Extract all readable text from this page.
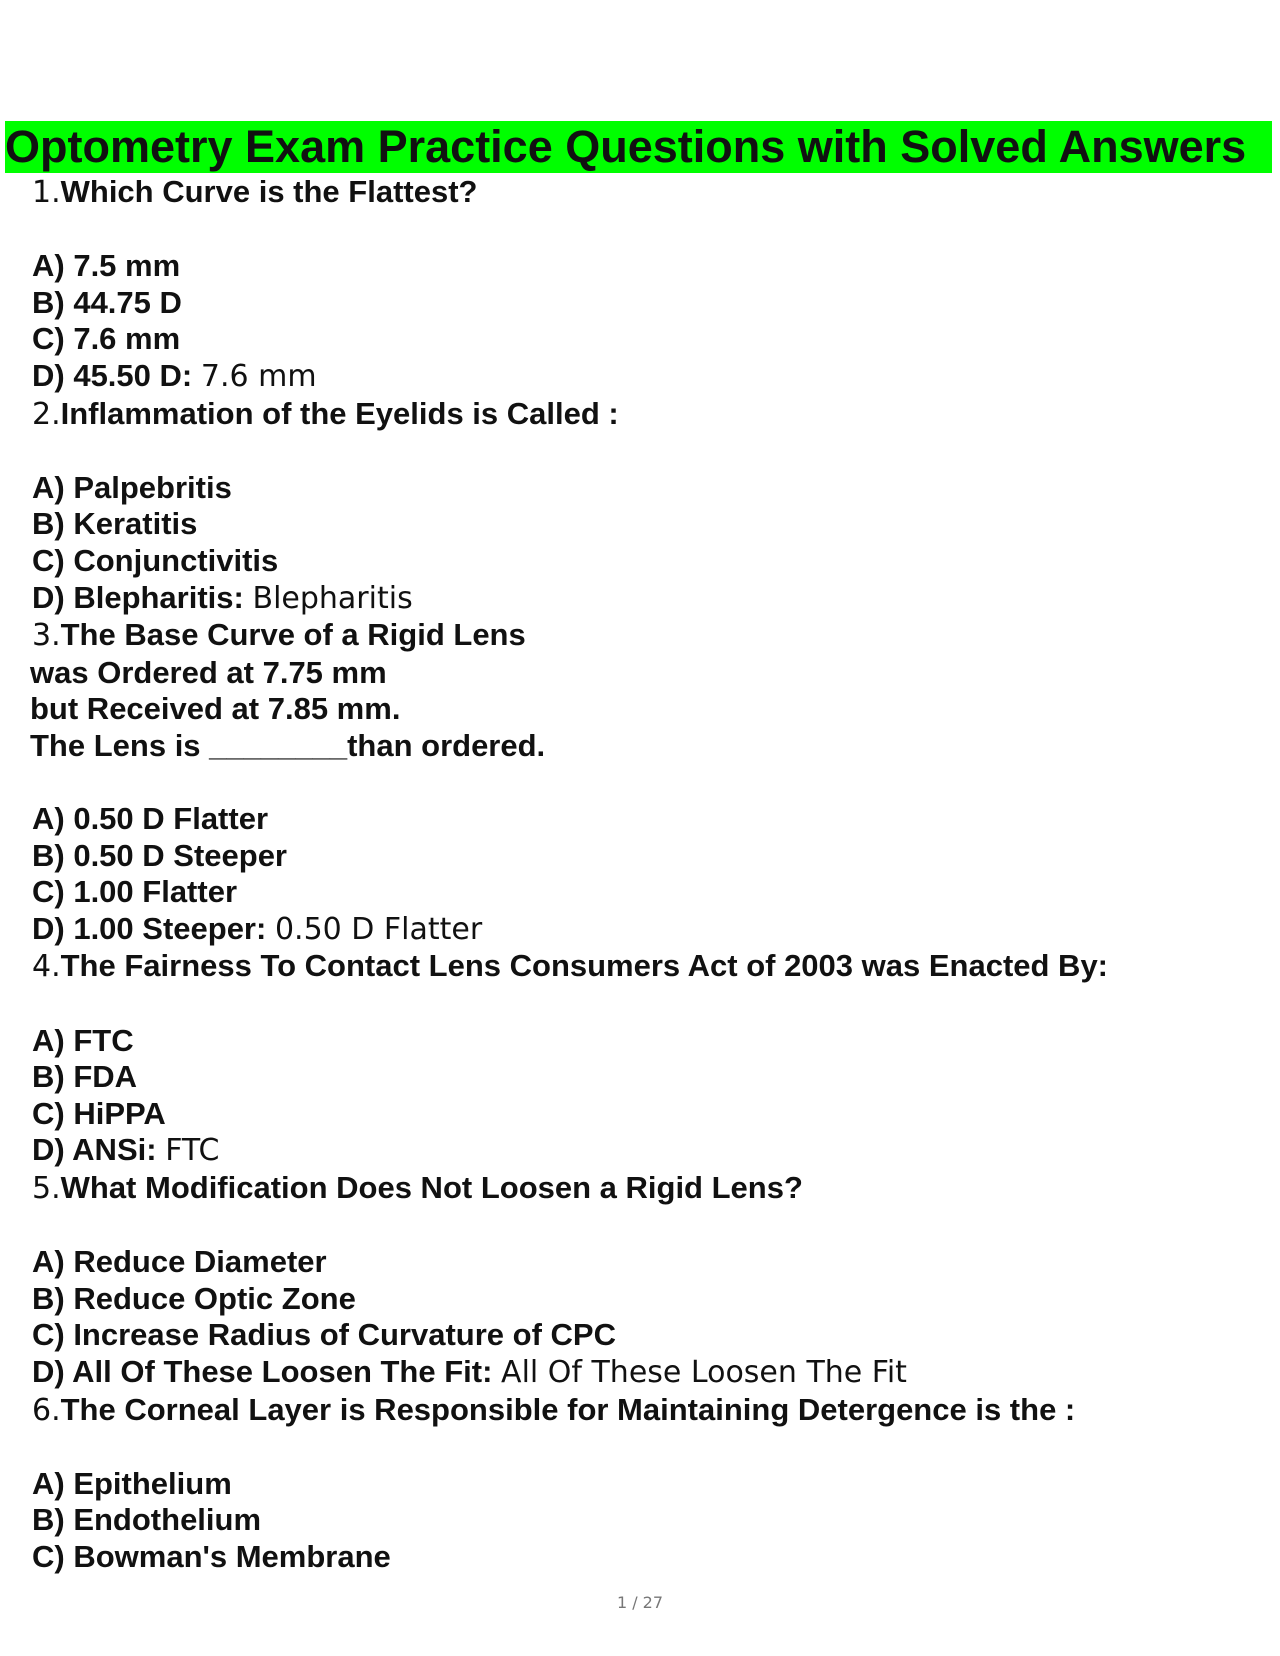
Optometry Exam Practice Questions with Solved Answers
1.Which Curve is the Flattest?
A) 7.5 mm
B) 44.75 D
C) 7.6 mm
D) 45.50 D: 7.6 mm
2.Inflammation of the Eyelids is Called :
A) Palpebritis
B) Keratitis
C) Conjunctivitis
D) Blepharitis: Blepharitis
3.The Base Curve of a Rigid Lens
was Ordered at 7.75 mm
but Received at 7.85 mm.
The Lens is ________than ordered.
A) 0.50 D Flatter
B) 0.50 D Steeper
C) 1.00 Flatter
D) 1.00 Steeper: 0.50 D Flatter
4.The Fairness To Contact Lens Consumers Act of 2003 was Enacted By:
A) FTC
B) FDA
C) HiPPA
D) ANSi: FTC
5.What Modification Does Not Loosen a Rigid Lens?
A) Reduce Diameter
B) Reduce Optic Zone
C) Increase Radius of Curvature of CPC
D) All Of These Loosen The Fit: All Of These Loosen The Fit
6.The Corneal Layer is Responsible for Maintaining Detergence is the :
A) Epithelium
B) Endothelium
C) Bowman's Membrane
1 / 27
